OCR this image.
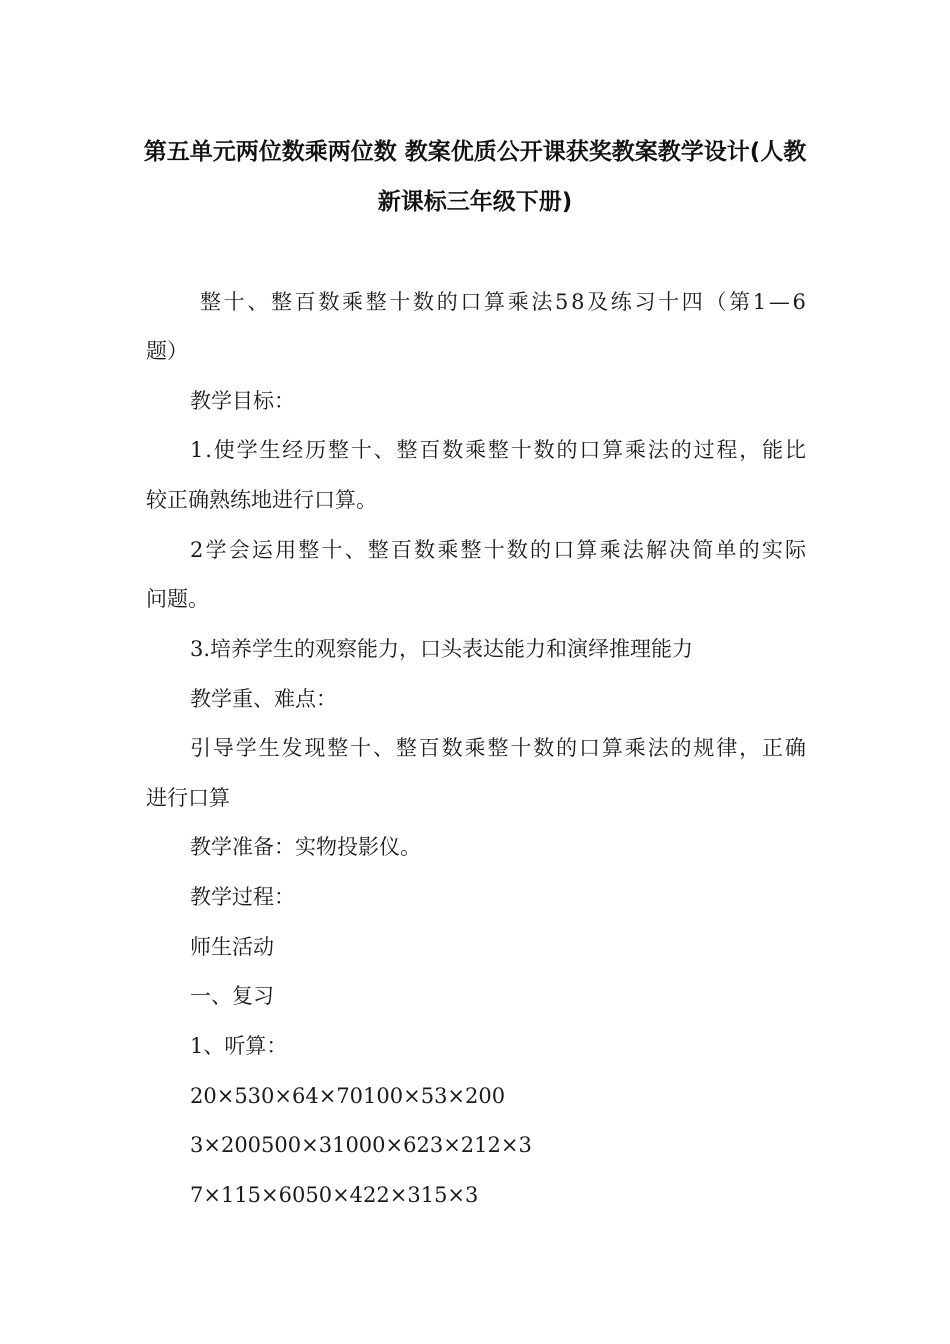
第五单元两位数乘两位数 教案优质公开课获奖教案教学设计(人教
新课标三年级下册)
整十、整百数乘整十数的口算乘法58及练习十四（第1—6
题）
教学目标：
1.使学生经历整十、整百数乘整十数的口算乘法的过程，能比
较正确熟练地进行口算。
2学会运用整十、整百数乘整十数的口算乘法解决简单的实际
问题。
3.培养学生的观察能力，口头表达能力和演绎推理能力
教学重、难点：
引导学生发现整十、整百数乘整十数的口算乘法的规律，正确
进行口算
教学准备：实物投影仪。
教学过程：
师生活动
一、复习
1、听算：
20×530×64×70100×53×200
3×200500×31000×623×212×3
7×115×6050×422×315×3
